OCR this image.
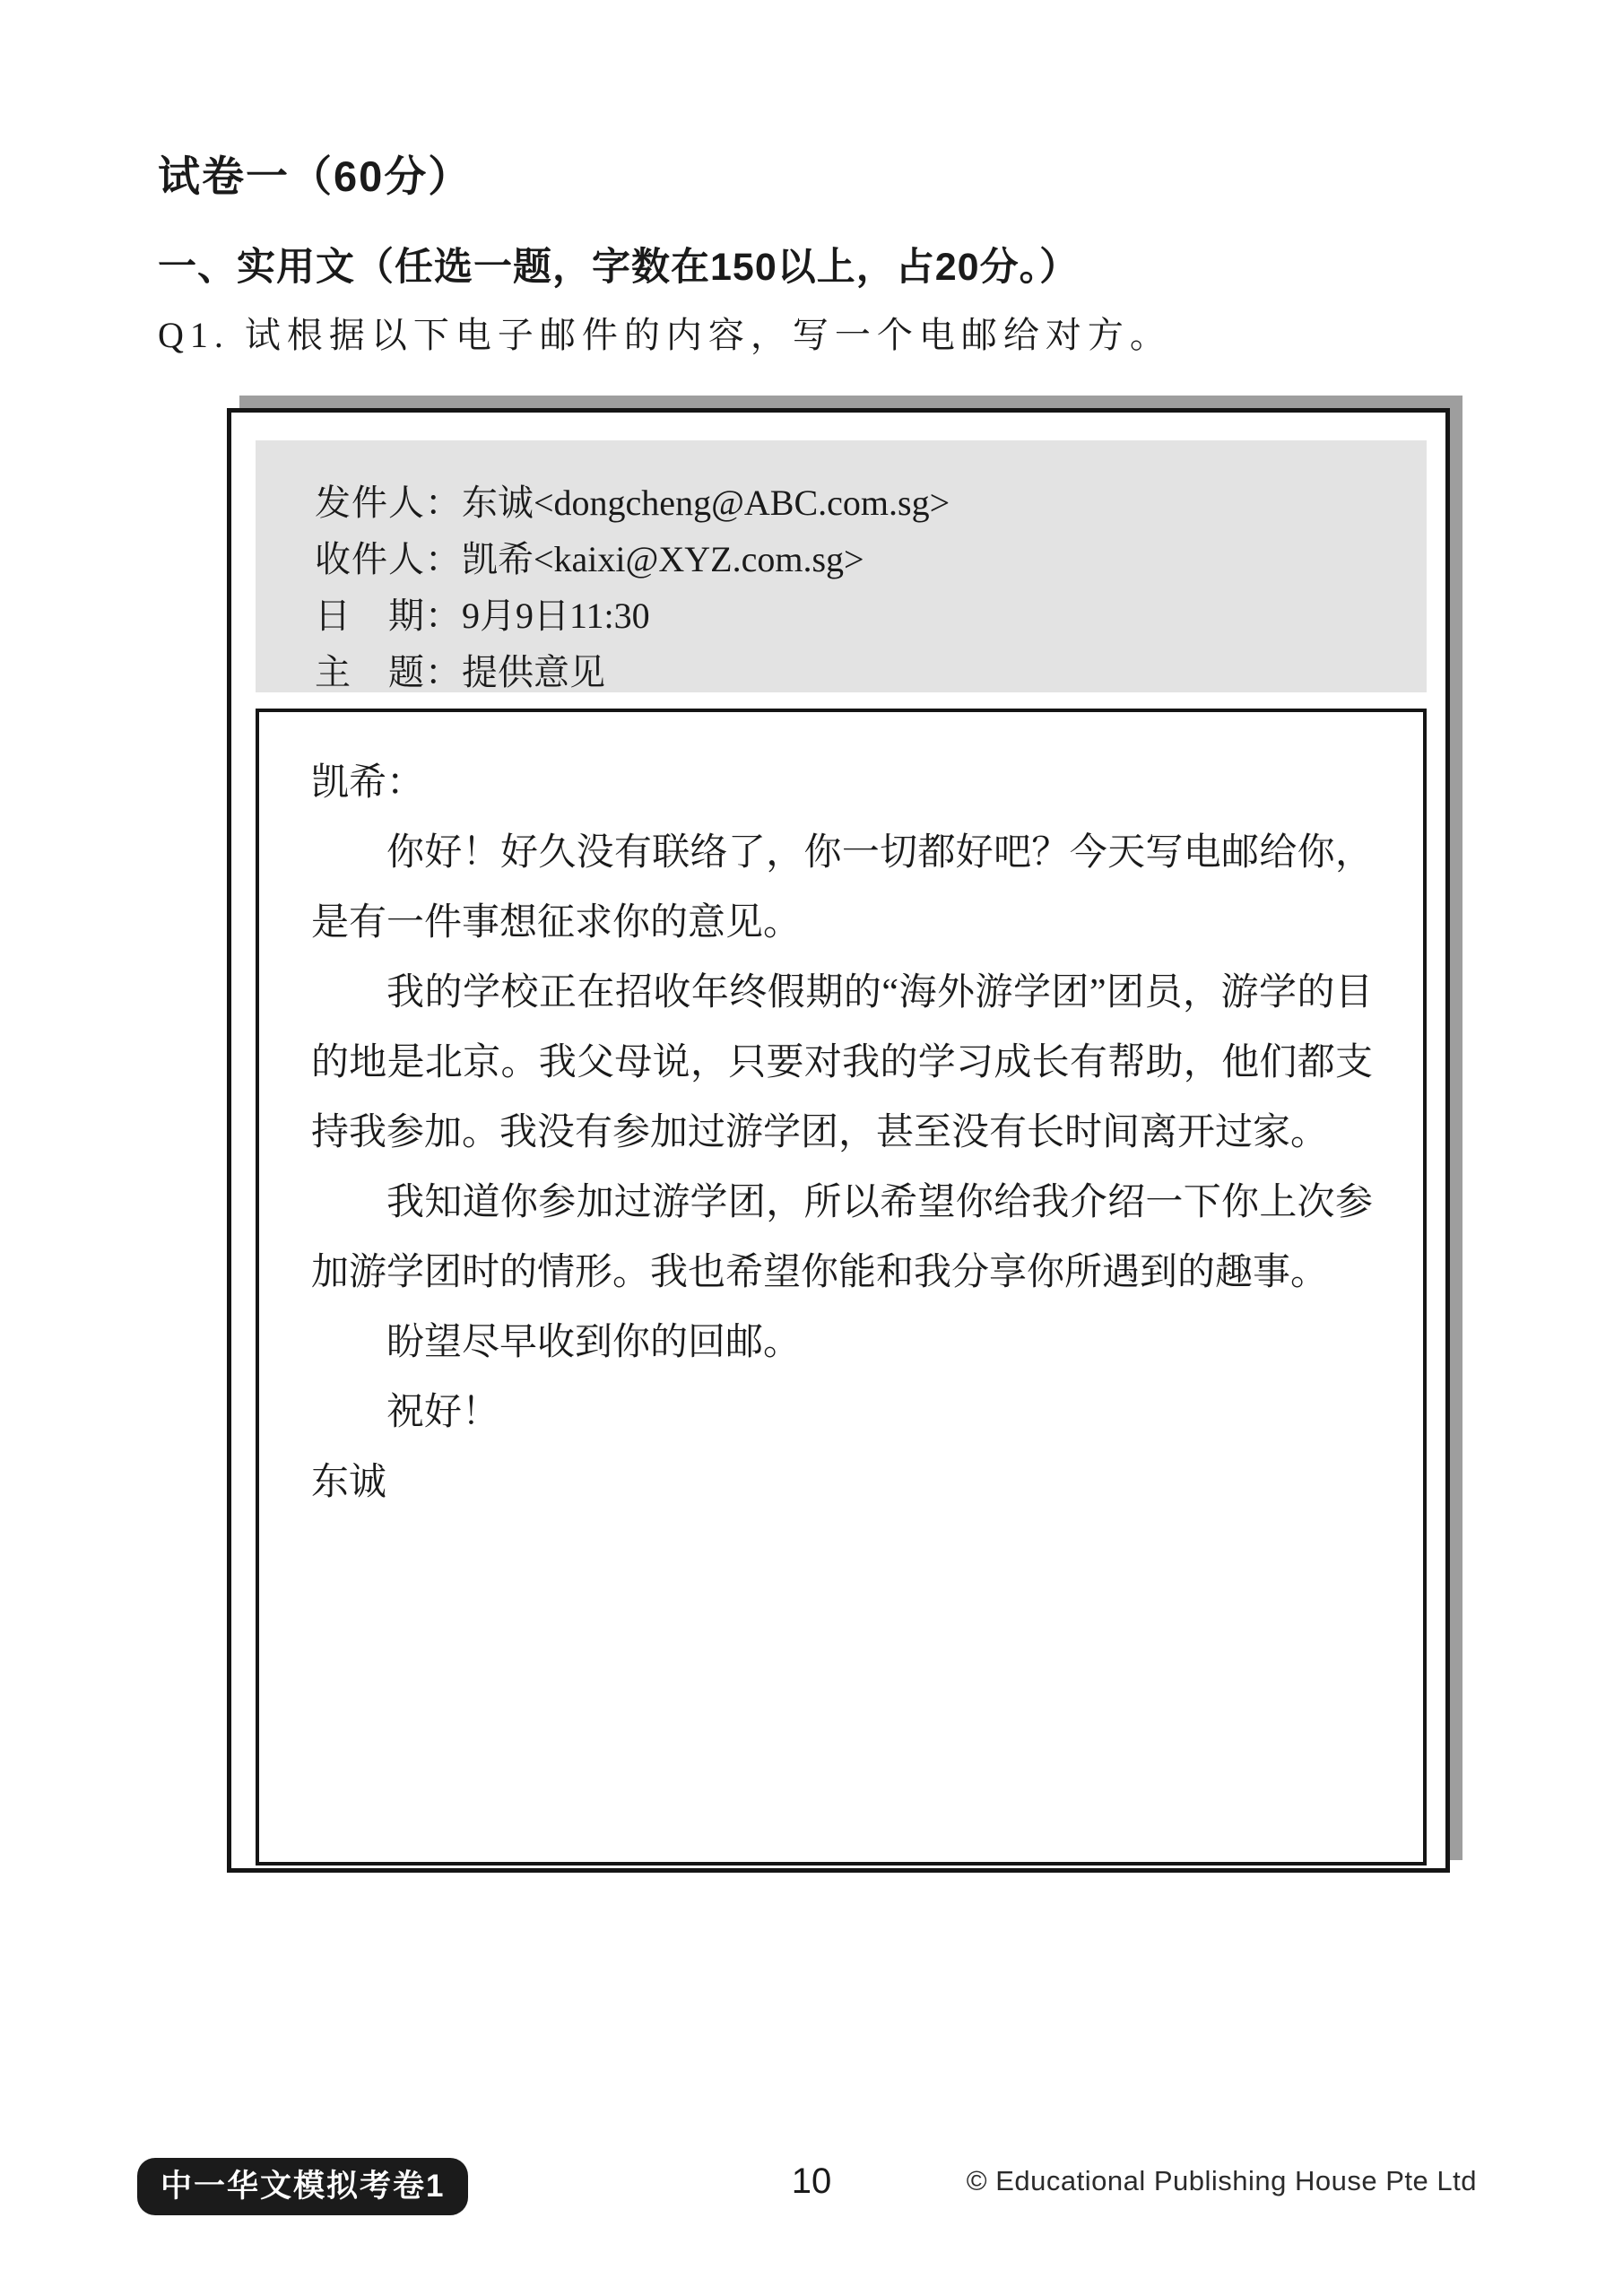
试卷一（60分）
一、实用文（任选一题，字数在150以上，占20分。）
Q1. 试根据以下电子邮件的内容，写一个电邮给对方。
发件人：东诚<dongcheng@ABC.com.sg>
收件人：凯希<kaixi@XYZ.com.sg>
日　期：9月9日11:30
主　题：提供意见

凯希：

你好！好久没有联络了，你一切都好吧？今天写电邮给你，是有一件事想征求你的意见。

我的学校正在招收年终假期的“海外游学团”团员，游学的目的地是北京。我父母说，只要对我的学习成长有帮助，他们都支持我参加。我没有参加过游学团，甚至没有长时间离开过家。

我知道你参加过游学团，所以希望你给我介绍一下你上次参加游学团时的情形。我也希望你能和我分享你所遇到的趣事。

盼望尽早收到你的回邮。

祝好！

东诚

中一华文模拟考卷1	10	© Educational Publishing House Pte Ltd
